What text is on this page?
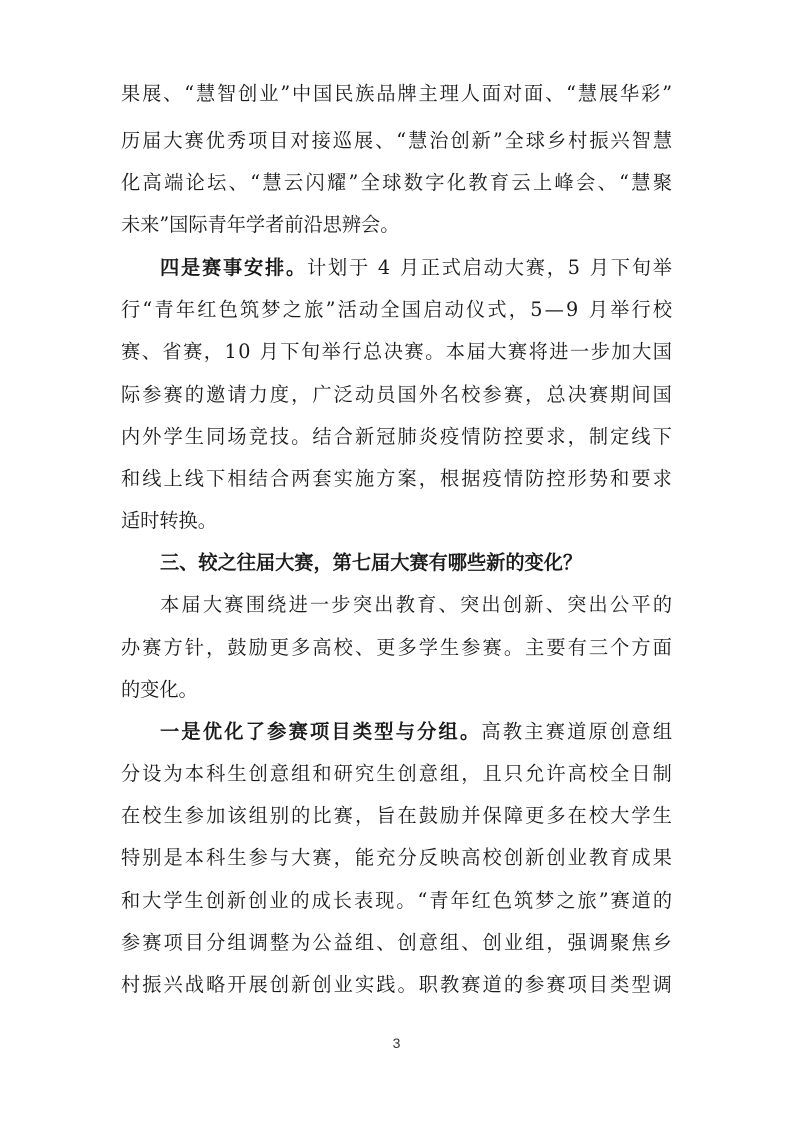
果展、“慧智创业”中国民族品牌主理人面对面、“慧展华彩”
历届大赛优秀项目对接巡展、“慧治创新”全球乡村振兴智慧
化高端论坛、“慧云闪耀”全球数字化教育云上峰会、“慧聚
未来”国际青年学者前沿思辨会。
四是赛事安排。 计划于 4 月正式启动大赛，5 月下旬举
行“青年红色筑梦之旅”活动全国启动仪式，5—9 月举行校
赛、省赛，10 月下旬举行总决赛。本届大赛将进一步加大国
际参赛的邀请力度，广泛动员国外名校参赛，总决赛期间国
内外学生同场竞技。结合新冠肺炎疫情防控要求，制定线下
和线上线下相结合两套实施方案，根据疫情防控形势和要求
适时转换。
三、较之往届大赛，第七届大赛有哪些新的变化？
本届大赛围绕进一步突出教育、突出创新、突出公平的
办赛方针，鼓励更多高校、更多学生参赛。主要有三个方面
的变化。
一是优化了参赛项目类型与分组。 高教主赛道原创意组
分设为本科生创意组和研究生创意组，且只允许高校全日制
在校生参加该组别的比赛，旨在鼓励并保障更多在校大学生
特别是本科生参与大赛，能充分反映高校创新创业教育成果
和大学生创新创业的成长表现。“青年红色筑梦之旅”赛道的
参赛项目分组调整为公益组、创意组、创业组，强调聚焦乡
村振兴战略开展创新创业实践。职教赛道的参赛项目类型调
3
